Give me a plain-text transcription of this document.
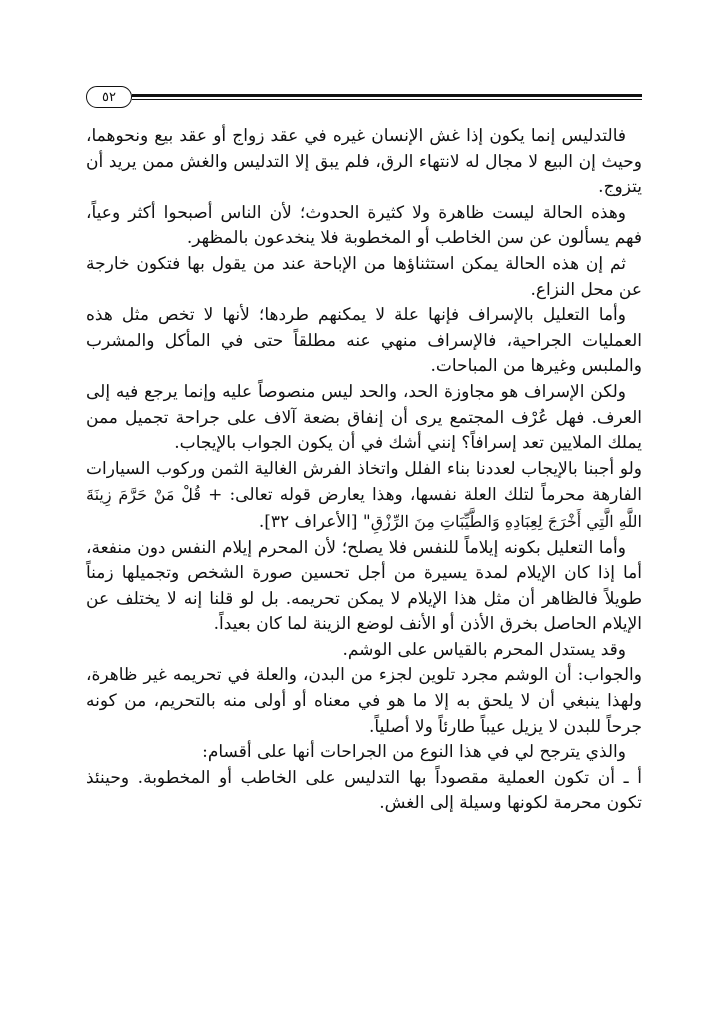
٥٢

فالتدليس إنما يكون إذا غش الإنسان غيره في عقد زواج أو عقد بيع ونحوهما، وحيث إن البيع لا مجال له لانتهاء الرق، فلم يبق إلا التدليس والغش ممن يريد أن يتزوج.

وهذه الحالة ليست ظاهرة ولا كثيرة الحدوث؛ لأن الناس أصبحوا أكثر وعياً، فهم يسألون عن سن الخاطب أو المخطوبة فلا ينخدعون بالمظهر.

ثم إن هذه الحالة يمكن استثناؤها من الإباحة عند من يقول بها فتكون خارجة عن محل النزاع.

وأما التعليل بالإسراف فإنها علة لا يمكنهم طردها؛ لأنها لا تخص مثل هذه العمليات الجراحية، فالإسراف منهي عنه مطلقاً حتى في المأكل والمشرب والملبس وغيرها من المباحات.

ولكن الإسراف هو مجاوزة الحد، والحد ليس منصوصاً عليه وإنما يرجع فيه إلى العرف. فهل عُرْف المجتمع يرى أن إنفاق بضعة آلاف على جراحة تجميل ممن يملك الملايين تعد إسرافاً؟ إنني أشك في أن يكون الجواب بالإيجاب.

ولو أجبنا بالإيجاب لعددنا بناء الفلل واتخاذ الفرش الغالية الثمن وركوب السيارات الفارهة محرماً لتلك العلة نفسها، وهذا يعارض قوله تعالى: + قُلْ مَنْ حَرَّمَ زِينَةَ اللَّهِ الَّتِي أَخْرَجَ لِعِبَادِهِ وَالطَّيِّبَاتِ مِنَ الرِّزْقِ" [الأعراف ٣٢].

وأما التعليل بكونه إيلاماً للنفس فلا يصلح؛ لأن المحرم إيلام النفس دون منفعة، أما إذا كان الإيلام لمدة يسيرة من أجل تحسين صورة الشخص وتجميلها زمناً طويلاً فالظاهر أن مثل هذا الإيلام لا يمكن تحريمه. بل لو قلنا إنه لا يختلف عن الإيلام الحاصل بخرق الأذن أو الأنف لوضع الزينة لما كان بعيداً.

وقد يستدل المحرم بالقياس على الوشم.

والجواب: أن الوشم مجرد تلوين لجزء من البدن، والعلة في تحريمه غير ظاهرة، ولهذا ينبغي أن لا يلحق به إلا ما هو في معناه أو أولى منه بالتحريم، من كونه جرحاً للبدن لا يزيل عيباً طارئاً ولا أصلياً.

والذي يترجح لي في هذا النوع من الجراحات أنها على أقسام:

أ ـ أن تكون العملية مقصوداً بها التدليس على الخاطب أو المخطوبة. وحينئذ تكون محرمة لكونها وسيلة إلى الغش.
